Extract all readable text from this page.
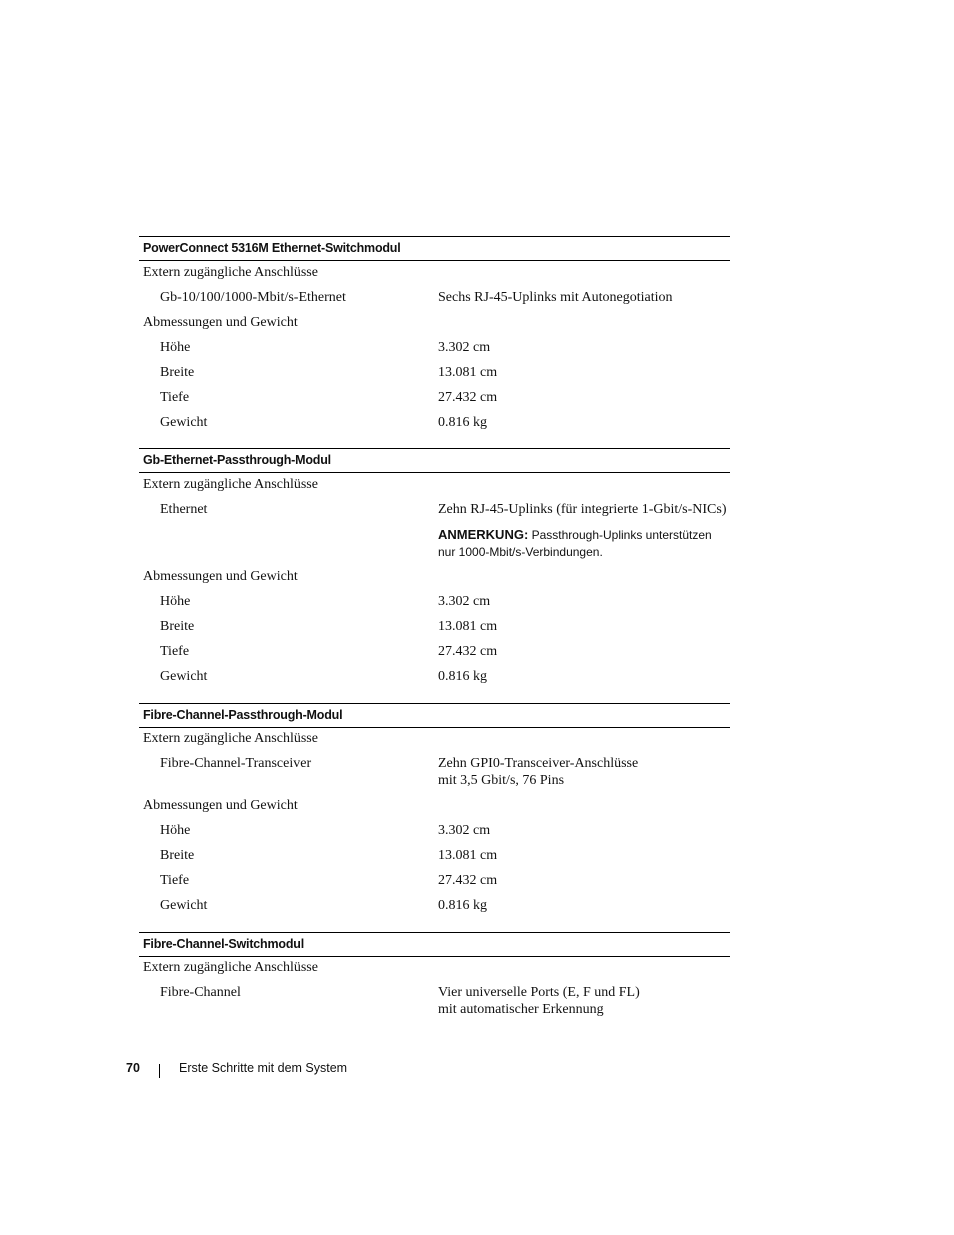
PowerConnect 5316M Ethernet-Switchmodul
Extern zugängliche Anschlüsse
Gb-10/100/1000-Mbit/s-Ethernet	Sechs RJ-45-Uplinks mit Autonegotiation
Abmessungen und Gewicht
Höhe	3.302 cm
Breite	13.081 cm
Tiefe	27.432 cm
Gewicht	0.816 kg
Gb-Ethernet-Passthrough-Modul
Extern zugängliche Anschlüsse
Ethernet	Zehn RJ-45-Uplinks (für integrierte 1-Gbit/s-NICs)
ANMERKUNG: Passthrough-Uplinks unterstützen
nur 1000-Mbit/s-Verbindungen.
Abmessungen und Gewicht
Höhe	3.302 cm
Breite	13.081 cm
Tiefe	27.432 cm
Gewicht	0.816 kg
Fibre-Channel-Passthrough-Modul
Extern zugängliche Anschlüsse
Fibre-Channel-Transceiver	Zehn GPI0-Transceiver-Anschlüsse
mit 3,5 Gbit/s, 76 Pins
Abmessungen und Gewicht
Höhe	3.302 cm
Breite	13.081 cm
Tiefe	27.432 cm
Gewicht	0.816 kg
Fibre-Channel-Switchmodul
Extern zugängliche Anschlüsse
Fibre-Channel	Vier universelle Ports (E, F und FL)
mit automatischer Erkennung
70	Erste Schritte mit dem System
